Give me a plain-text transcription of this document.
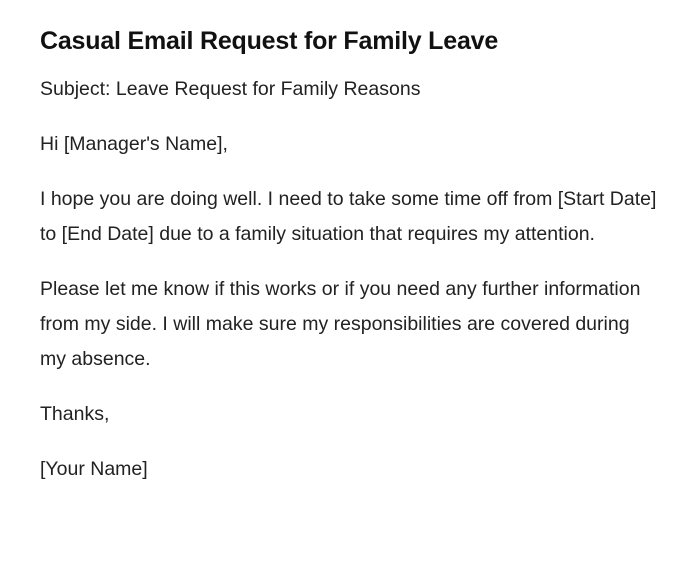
Casual Email Request for Family Leave

Subject: Leave Request for Family Reasons

Hi [Manager's Name],

I hope you are doing well. I need to take some time off from [Start Date] to [End Date] due to a family situation that requires my attention.

Please let me know if this works or if you need any further information from my side. I will make sure my responsibilities are covered during my absence.

Thanks,

[Your Name]
